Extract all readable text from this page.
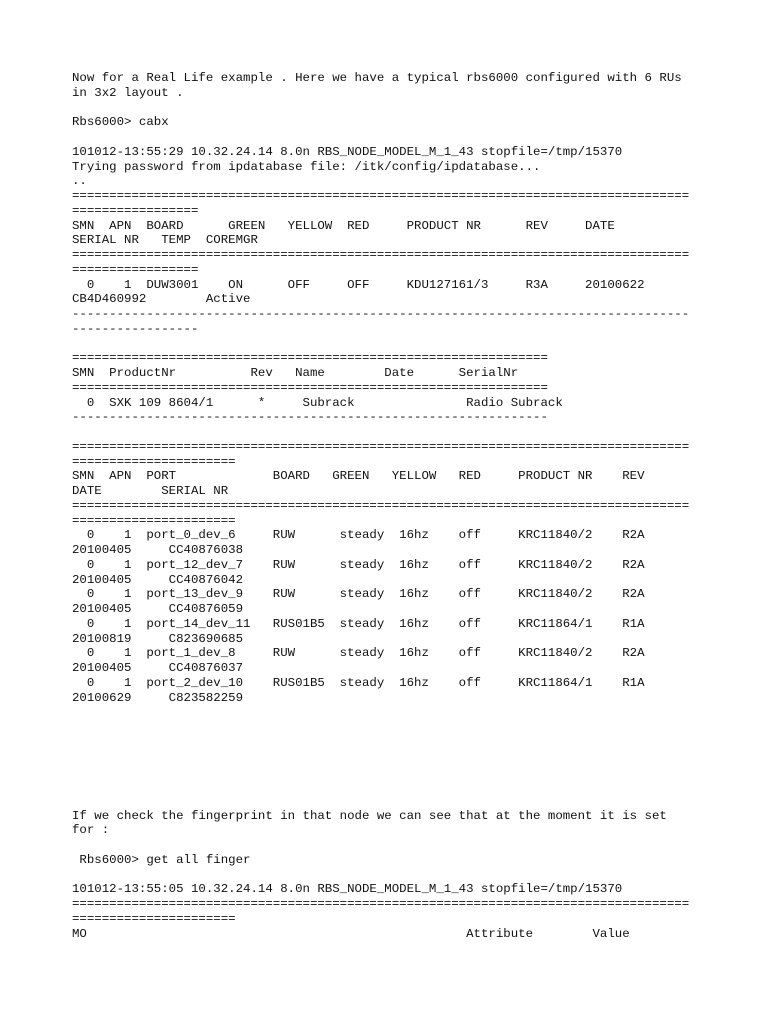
Now for a Real Life example . Here we have a typical rbs6000 configured with 6 RUs
in 3x2 layout .
Rbs6000> cabx
101012-13:55:29 10.32.24.14 8.0n RBS_NODE_MODEL_M_1_43 stopfile=/tmp/15370
Trying password from ipdatabase file: /itk/config/ipdatabase...
..
===================================================================================
=================
SMN  APN  BOARD      GREEN   YELLOW  RED     PRODUCT NR      REV     DATE
SERIAL NR   TEMP  COREMGR
===================================================================================
=================
0    1  DUW3001    ON      OFF     OFF     KDU127161/3     R3A     20100622
CB4D460992        Active
-----------------------------------------------------------------------------------
-----------------
================================================================
SMN  ProductNr          Rev   Name        Date      SerialNr
================================================================
0  SXK 109 8604/1      *     Subrack               Radio Subrack
----------------------------------------------------------------
===================================================================================
======================
SMN  APN  PORT             BOARD   GREEN   YELLOW   RED     PRODUCT NR    REV
DATE        SERIAL NR
===================================================================================
======================
0    1  port_0_dev_6     RUW      steady  16hz    off     KRC11840/2    R2A
20100405     CC40876038
0    1  port_12_dev_7    RUW      steady  16hz    off     KRC11840/2    R2A
20100405     CC40876042
0    1  port_13_dev_9    RUW      steady  16hz    off     KRC11840/2    R2A
20100405     CC40876059
0    1  port_14_dev_11   RUS01B5  steady  16hz    off     KRC11864/1    R1A
20100819     C823690685
0    1  port_1_dev_8     RUW      steady  16hz    off     KRC11840/2    R2A
20100405     CC40876037
0    1  port_2_dev_10    RUS01B5  steady  16hz    off     KRC11864/1    R1A
20100629     C823582259
If we check the fingerprint in that node we can see that at the moment it is set
for :
Rbs6000> get all finger
101012-13:55:05 10.32.24.14 8.0n RBS_NODE_MODEL_M_1_43 stopfile=/tmp/15370
===================================================================================
======================
MO                                                   Attribute        Value
